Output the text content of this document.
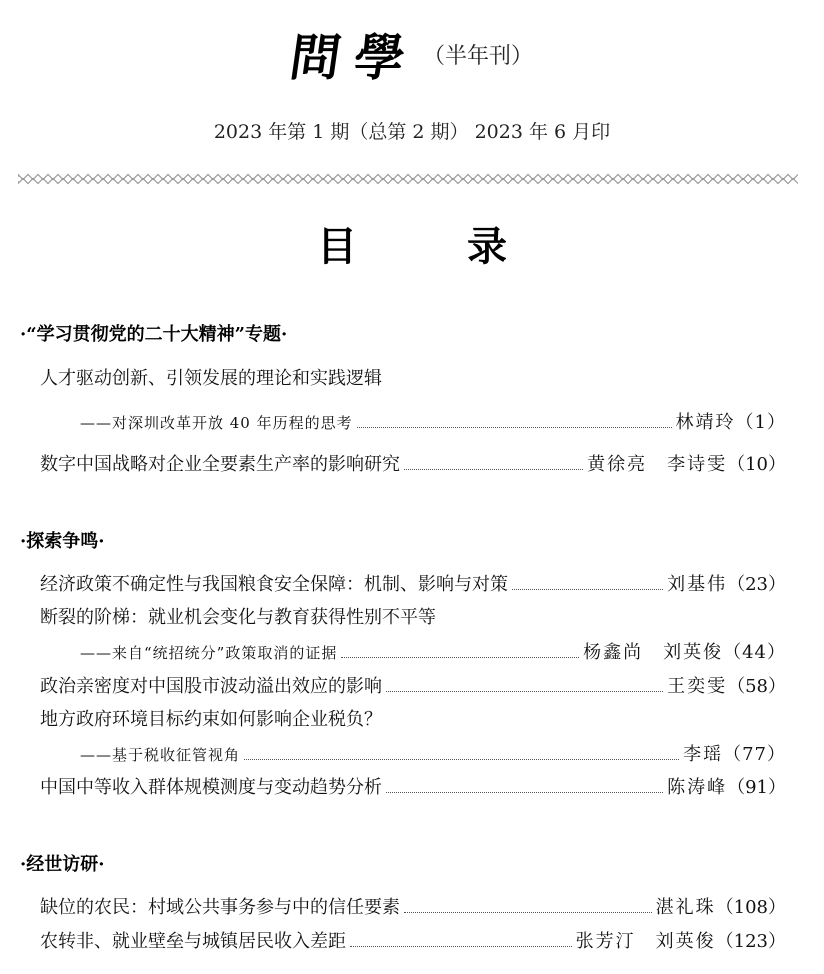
問學（半年刊）
2023 年第 1 期（总第 2 期） 2023 年 6 月印
目 录
·“学习贯彻党的二十大精神”专题·
人才驱动创新、引领发展的理论和实践逻辑
——对深圳改革开放 40 年历程的思考	林靖玲 （1）
数字中国战略对企业全要素生产率的影响研究	黄徐亮　李诗雯 （10）
·探索争鸣·
经济政策不确定性与我国粮食安全保障：机制、影响与对策	刘基伟 （23）
断裂的阶梯：就业机会变化与教育获得性别不平等
——来自“统招统分”政策取消的证据	杨鑫尚　刘英俊 （44）
政治亲密度对中国股市波动溢出效应的影响	王奕雯 （58）
地方政府环境目标约束如何影响企业税负？
——基于税收征管视角	李瑶 （77）
中国中等收入群体规模测度与变动趋势分析	陈涛峰 （91）
·经世访研·
缺位的农民：村域公共事务参与中的信任要素	湛礼珠 （108）
农转非、就业壁垒与城镇居民收入差距	张芳汀　刘英俊 （123）
